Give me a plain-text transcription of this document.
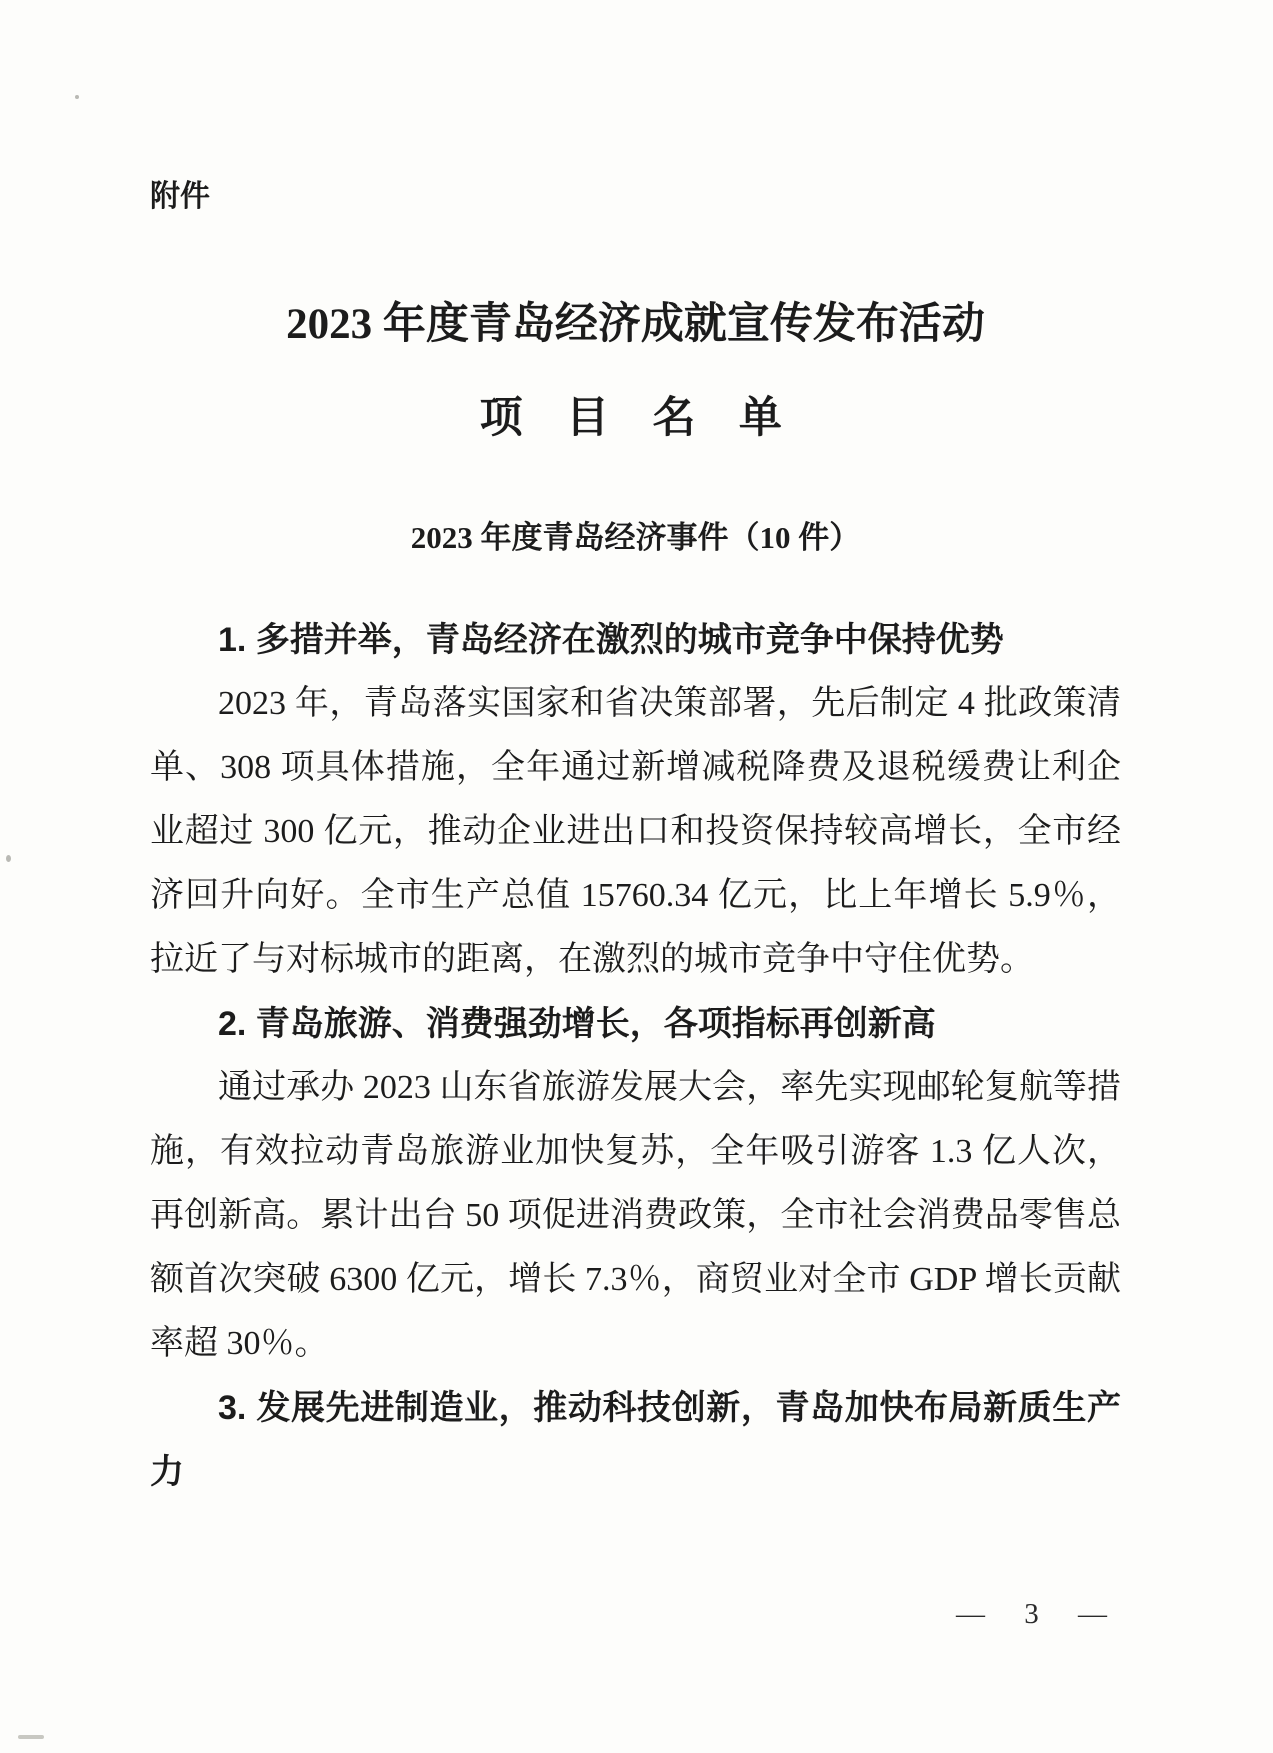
附件
2023 年度青岛经济成就宣传发布活动
项 目 名 单
2023 年度青岛经济事件（10 件）

1. 多措并举，青岛经济在激烈的城市竞争中保持优势

2023 年，青岛落实国家和省决策部署，先后制定 4 批政策清单、308 项具体措施，全年通过新增减税降费及退税缓费让利企业超过 300 亿元，推动企业进出口和投资保持较高增长，全市经济回升向好。全市生产总值 15760.34 亿元，比上年增长 5.9％，拉近了与对标城市的距离，在激烈的城市竞争中守住优势。

2. 青岛旅游、消费强劲增长，各项指标再创新高

通过承办 2023 山东省旅游发展大会，率先实现邮轮复航等措施，有效拉动青岛旅游业加快复苏，全年吸引游客 1.3 亿人次，再创新高。累计出台 50 项促进消费政策，全市社会消费品零售总额首次突破 6300 亿元，增长 7.3％，商贸业对全市 GDP 增长贡献率超 30％。

3. 发展先进制造业，推动科技创新，青岛加快布局新质生产力

— 3 —
